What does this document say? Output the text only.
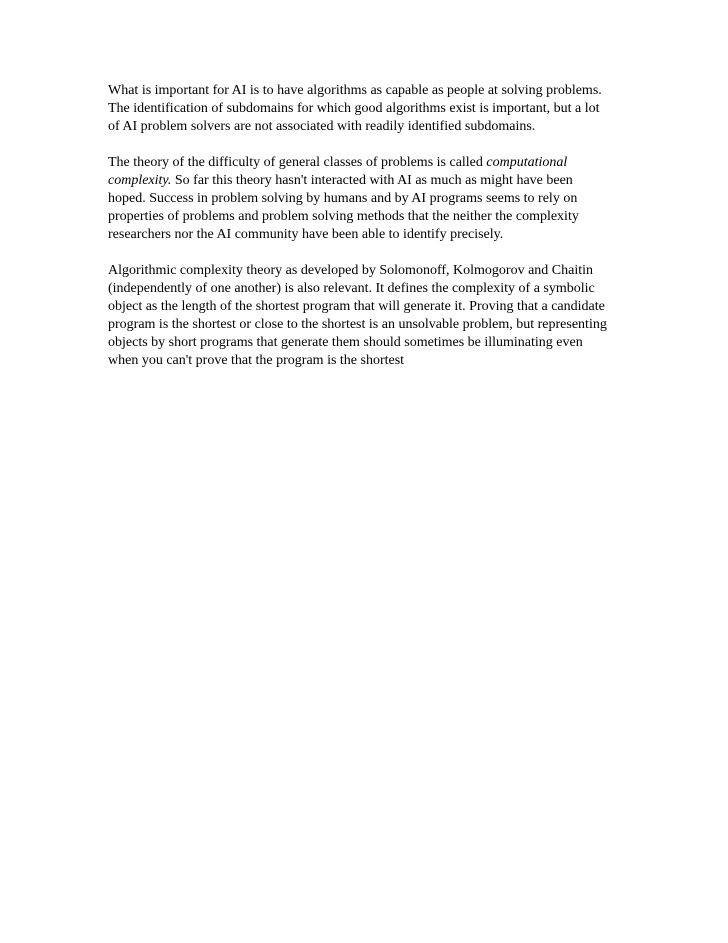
What is important for AI is to have algorithms as capable as people at solving problems.
The identification of subdomains for which good algorithms exist is important, but a lot
of AI problem solvers are not associated with readily identified subdomains.

The theory of the difficulty of general classes of problems is called computational
complexity. So far this theory hasn't interacted with AI as much as might have been
hoped. Success in problem solving by humans and by AI programs seems to rely on
properties of problems and problem solving methods that the neither the complexity
researchers nor the AI community have been able to identify precisely.

Algorithmic complexity theory as developed by Solomonoff, Kolmogorov and Chaitin
(independently of one another) is also relevant. It defines the complexity of a symbolic
object as the length of the shortest program that will generate it. Proving that a candidate
program is the shortest or close to the shortest is an unsolvable problem, but representing
objects by short programs that generate them should sometimes be illuminating even
when you can't prove that the program is the shortest
